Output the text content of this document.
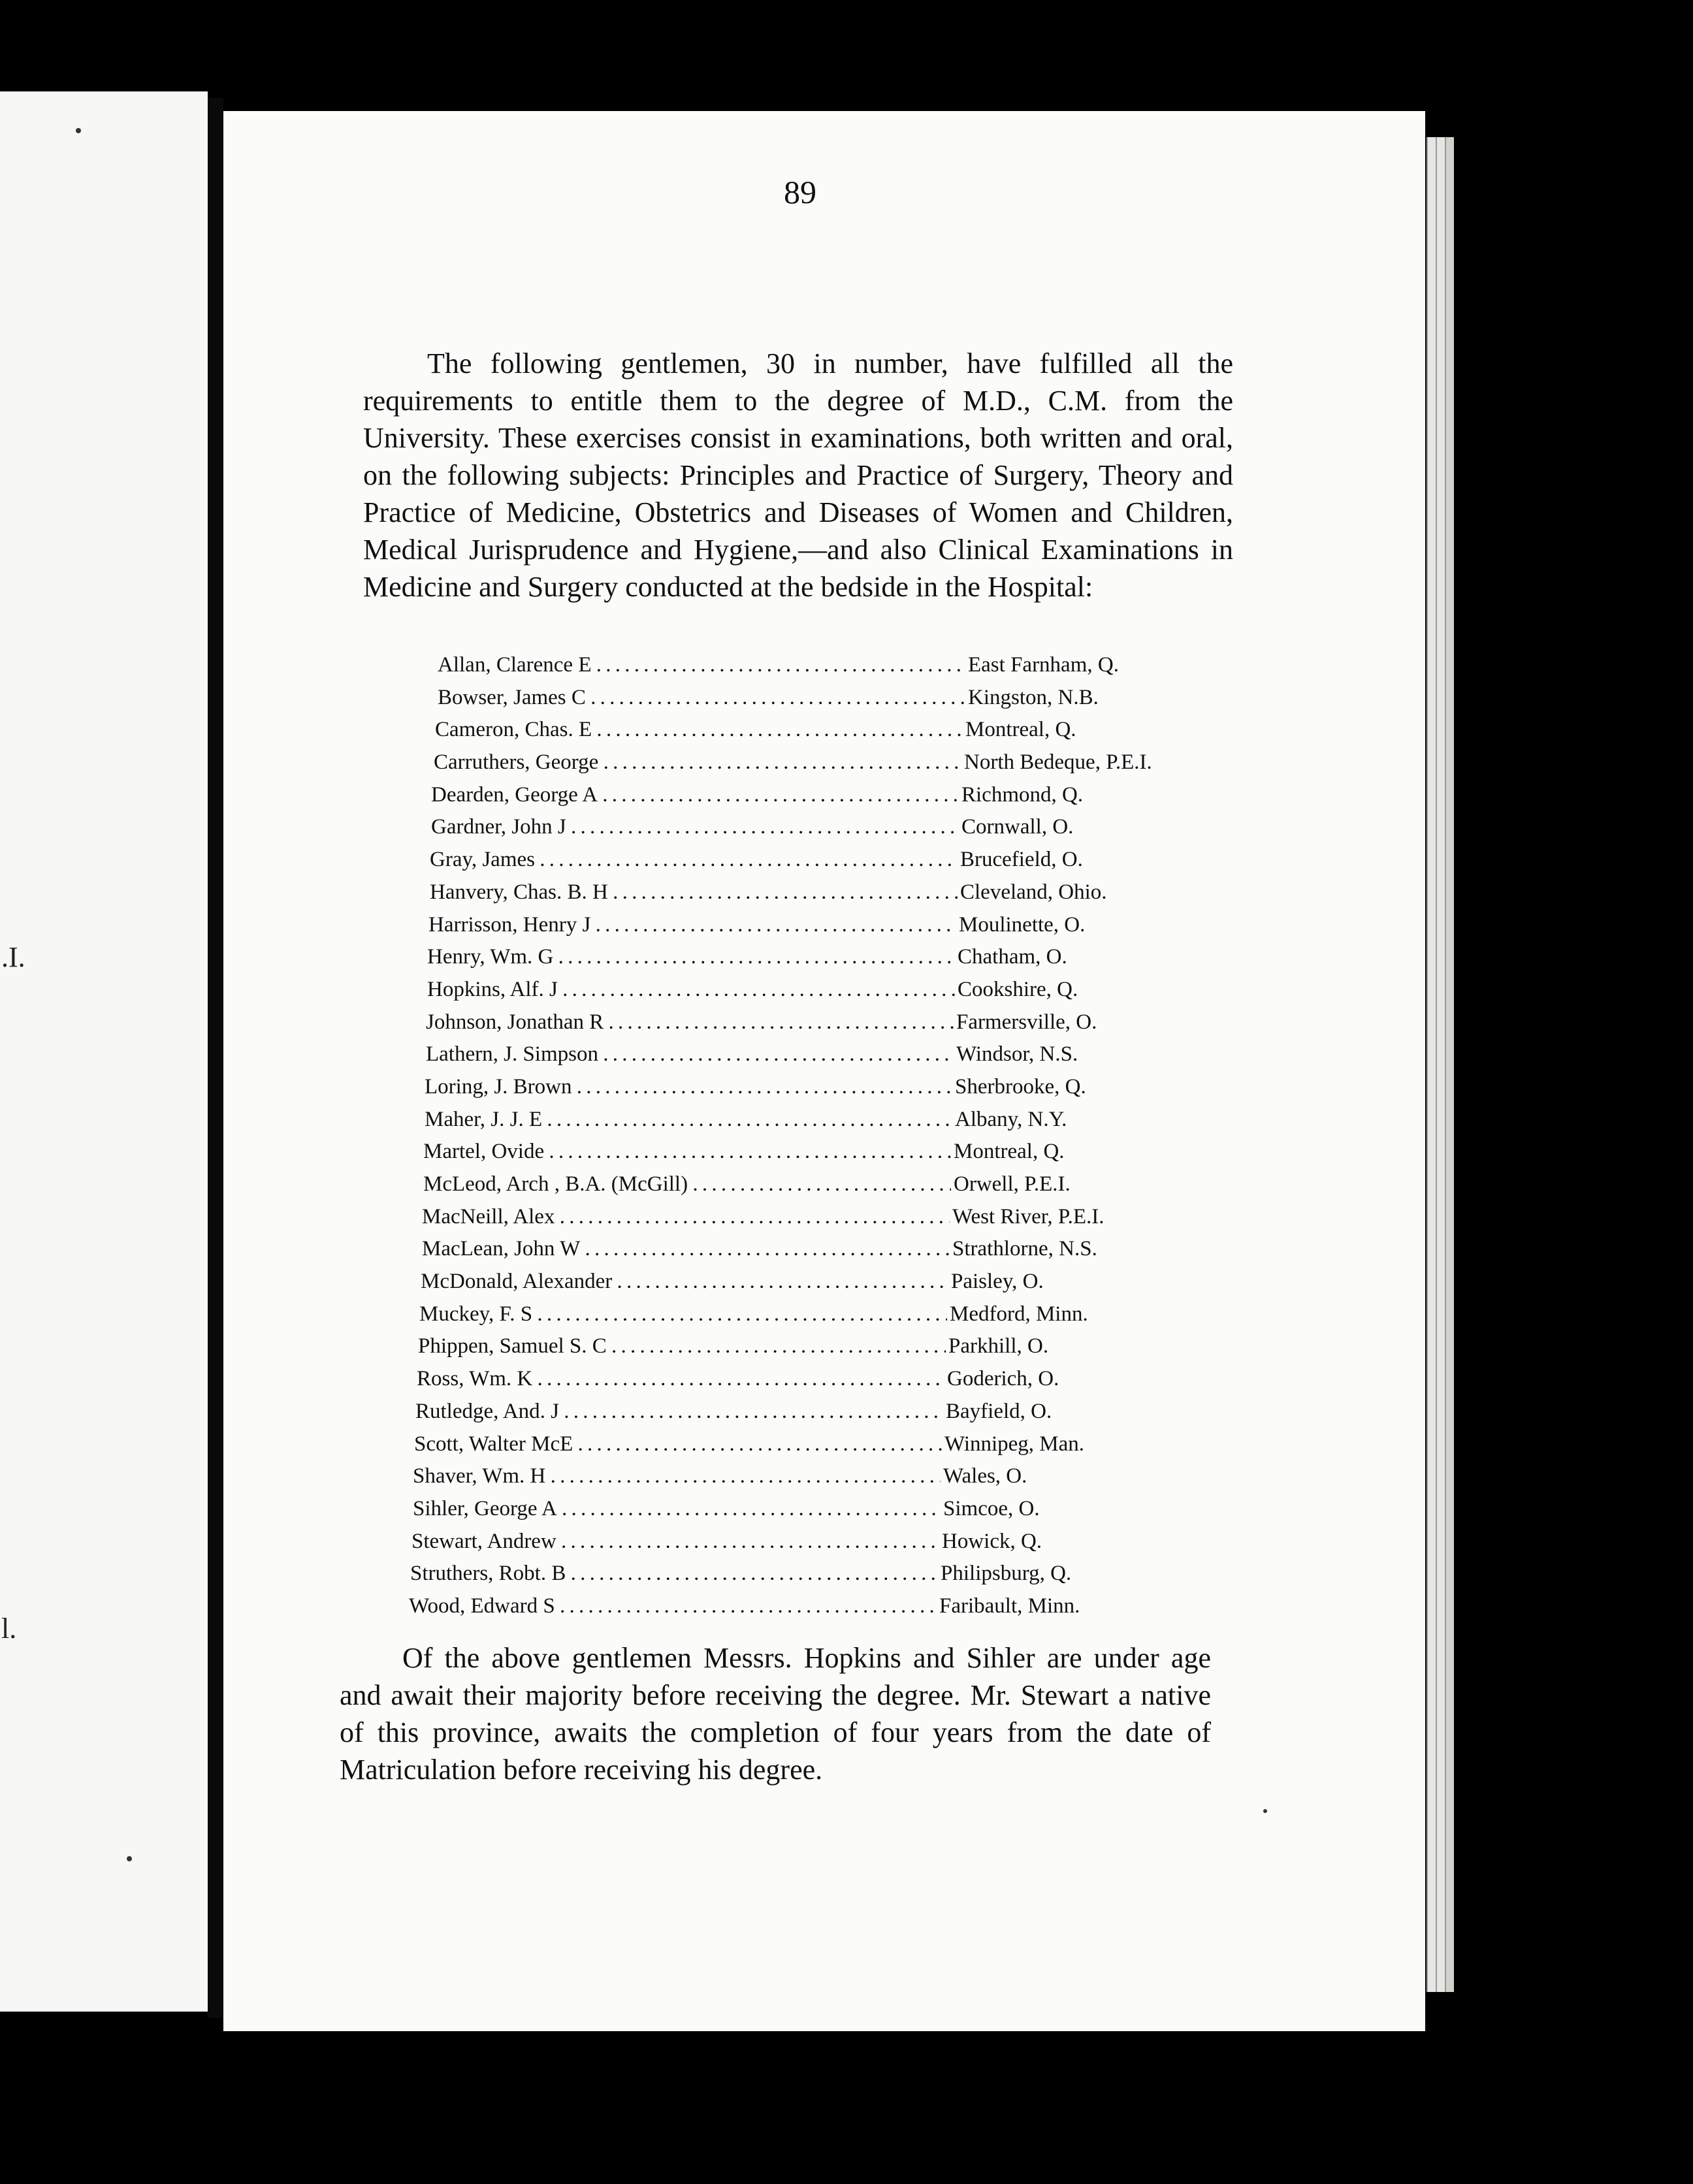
.I.
l.
89

The following gentlemen, 30 in number, have fulfilled all the requirements to entitle them to the degree of M.D., C.M. from the University. These exercises consist in examinations, both written and oral, on the following subjects: Principles and Practice of Surgery, Theory and Practice of Medicine, Obstetrics and Diseases of Women and Children, Medical Jurisprudence and Hygiene,—and also Clinical Examinations in Medicine and Surgery conducted at the bedside in the Hospital:

Allan, Clarence E . . .	East Farnham, Q.
Bowser, James C . . .	Kingston, N.B.
Cameron, Chas. E . . .	Montreal, Q.
Carruthers, George . . .	North Bedeque, P.E.I.
Dearden, George A . . .	Richmond, Q.
Gardner, John J . . .	Cornwall, O.
Gray, James . . .	Brucefield, O.
Hanvery, Chas. B. H . . .	Cleveland, Ohio.
Harrisson, Henry J . . .	Moulinette, O.
Henry, Wm. G . . .	Chatham, O.
Hopkins, Alf. J . . .	Cookshire, Q.
Johnson, Jonathan R . . .	Farmersville, O.
Lathern, J. Simpson . . .	Windsor, N.S.
Loring, J. Brown . . .	Sherbrooke, Q.
Maher, J. J. E . . .	Albany, N.Y.
Martel, Ovide . . .	Montreal, Q.
McLeod, Arch , B.A. (McGill) . . .	Orwell, P.E.I.
MacNeill, Alex . . .	West River, P.E.I.
MacLean, John W . . .	Strathlorne, N.S.
McDonald, Alexander . . .	Paisley, O.
Muckey, F. S . . .	Medford, Minn.
Phippen, Samuel S. C . . .	Parkhill, O.
Ross, Wm. K . . .	Goderich, O.
Rutledge, And. J . . .	Bayfield, O.
Scott, Walter McE . . .	Winnipeg, Man.
Shaver, Wm. H . . .	Wales, O.
Sihler, George A . . .	Simcoe, O.
Stewart, Andrew . . .	Howick, Q.
Struthers, Robt. B . . .	Philipsburg, Q.
Wood, Edward S . . .	Faribault, Minn.

Of the above gentlemen Messrs. Hopkins and Sihler are under age and await their majority before receiving the degree. Mr. Stewart a native of this province, awaits the completion of four years from the date of Matriculation before receiving his degree.
